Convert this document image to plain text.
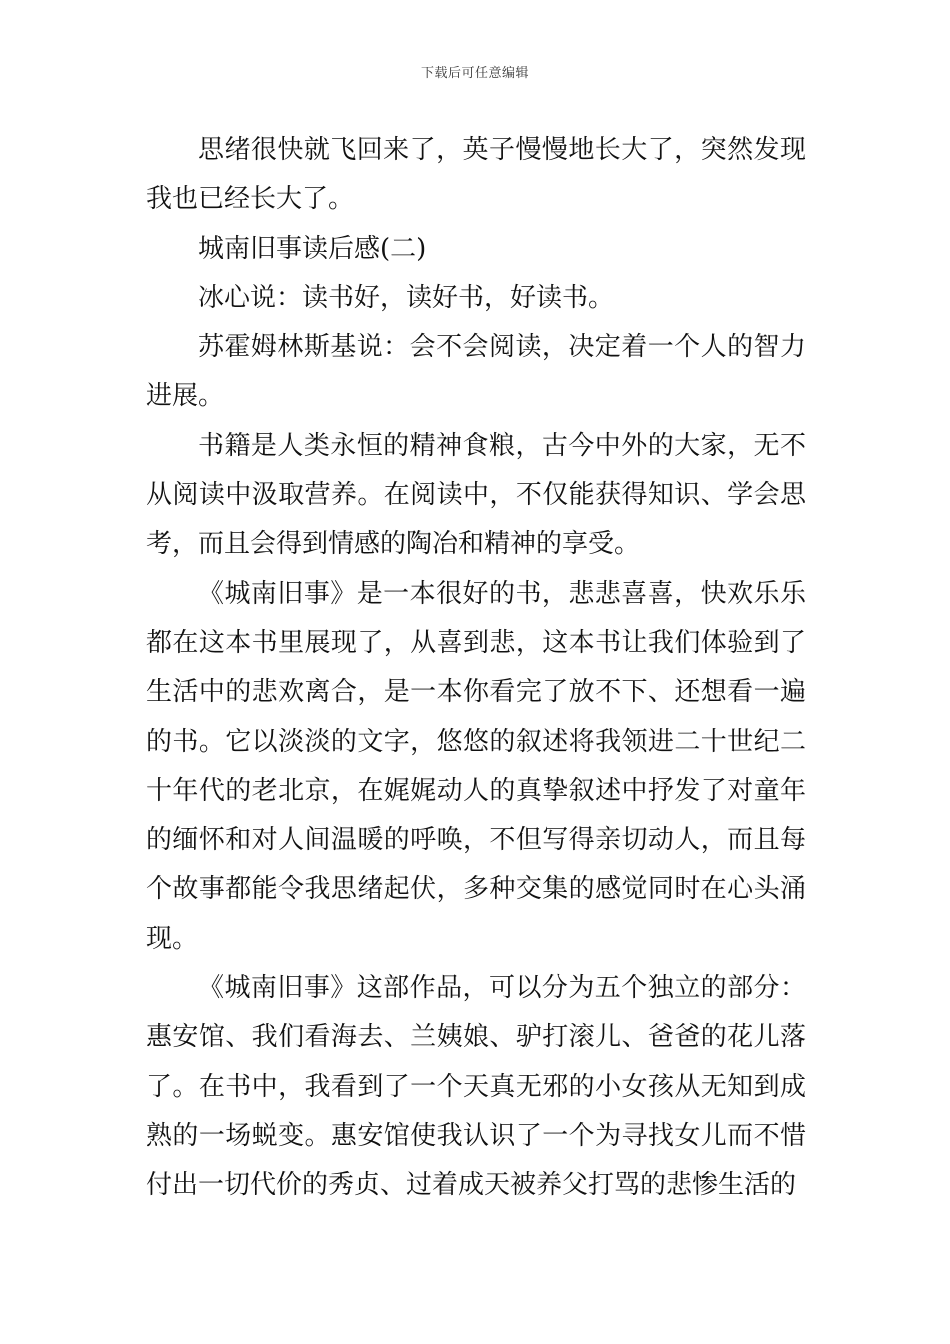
下载后可任意编辑

思绪很快就飞回来了，英子慢慢地长大了，突然发现我也已经长大了。

城南旧事读后感(二)

冰心说：读书好，读好书，好读书。

苏霍姆林斯基说：会不会阅读，决定着一个人的智力进展。

书籍是人类永恒的精神食粮，古今中外的大家，无不从阅读中汲取营养。在阅读中，不仅能获得知识、学会思考，而且会得到情感的陶冶和精神的享受。

《城南旧事》是一本很好的书，悲悲喜喜，快欢乐乐都在这本书里展现了，从喜到悲，这本书让我们体验到了生活中的悲欢离合，是一本你看完了放不下、还想看一遍的书。它以淡淡的文字，悠悠的叙述将我领进二十世纪二十年代的老北京，在娓娓动人的真挚叙述中抒发了对童年的缅怀和对人间温暖的呼唤，不但写得亲切动人，而且每个故事都能令我思绪起伏，多种交集的感觉同时在心头涌现。

《城南旧事》这部作品，可以分为五个独立的部分：惠安馆、我们看海去、兰姨娘、驴打滚儿、爸爸的花儿落了。在书中，我看到了一个天真无邪的小女孩从无知到成熟的一场蜕变。惠安馆使我认识了一个为寻找女儿而不惜付出一切代价的秀贞、过着成天被养父打骂的悲惨生活的
